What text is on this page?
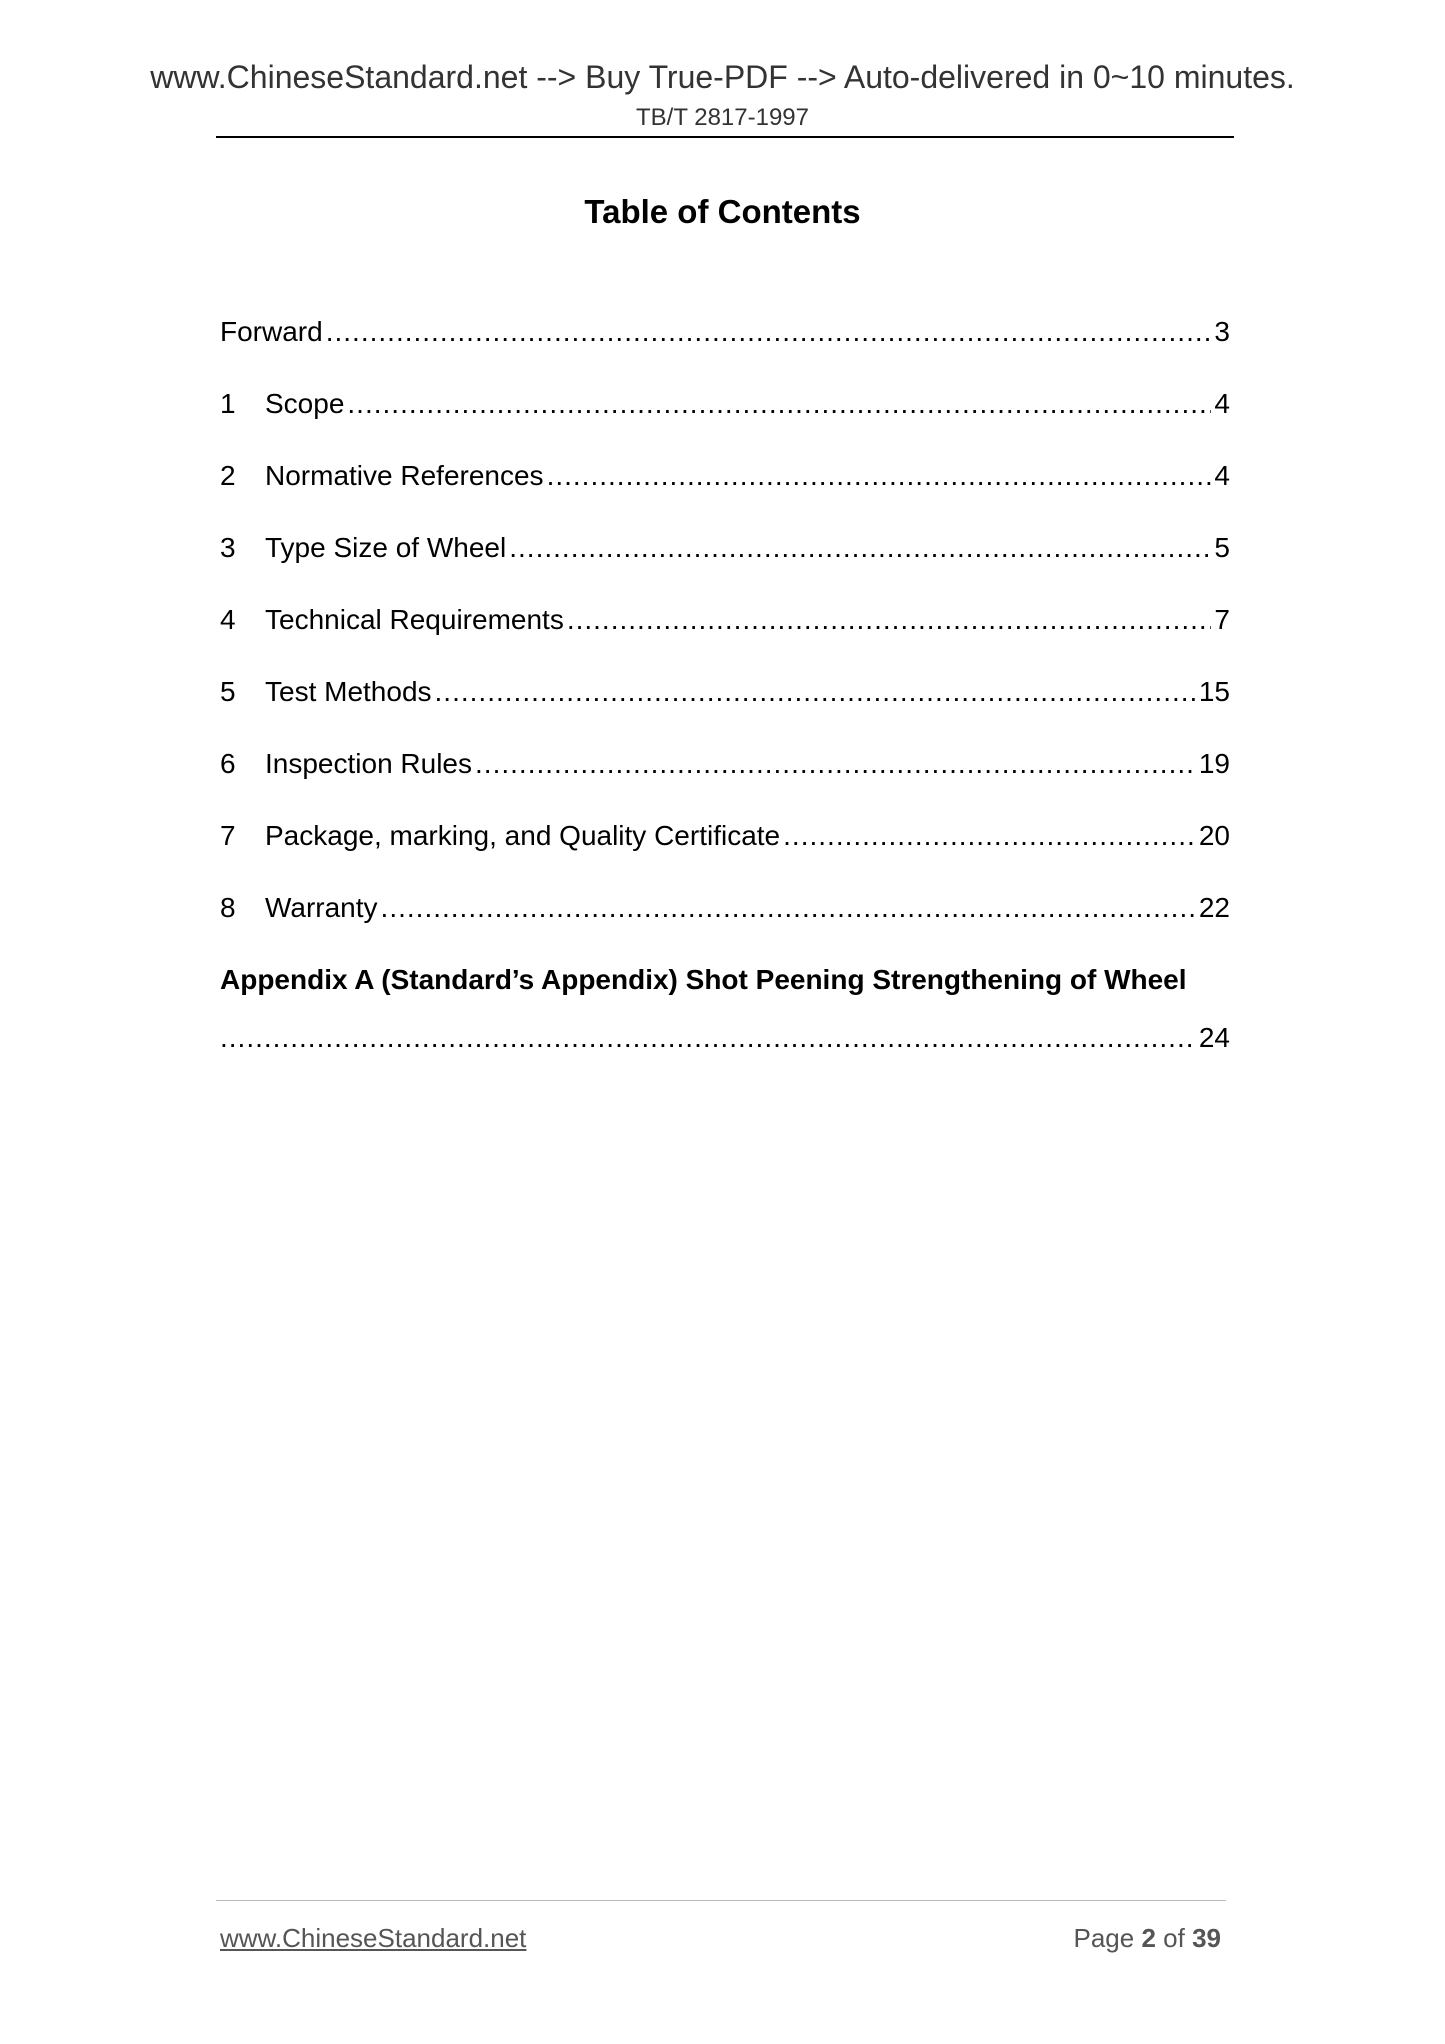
www.ChineseStandard.net --> Buy True-PDF --> Auto-delivered in 0~10 minutes.
TB/T 2817-1997
Table of Contents
Forward .....	3
1	Scope .....	4
2	Normative References .....	4
3	Type Size of Wheel .....	5
4	Technical Requirements .....	7
5	Test Methods .....	15
6	Inspection Rules .....	19
7	Package, marking, and Quality Certificate .....	20
8	Warranty .....	22
Appendix A (Standard’s Appendix) Shot Peening Strengthening of Wheel
.....
24
www.ChineseStandard.net	Page 2 of 39
